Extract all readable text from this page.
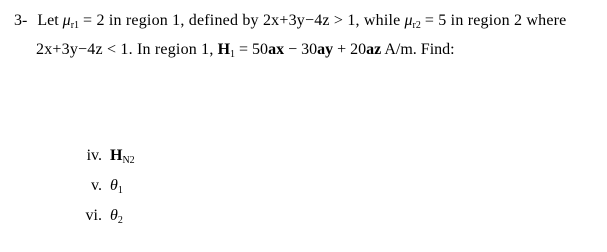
3- Let $\mu_{r1} = 2$ in region 1, defined by 2x+3y−4z > 1, while $\mu_{r2} = 5$ in region 2 where
2x+3y−4z < 1. In region 1, $H_1 = 50ax - 30ay + 20az$ A/m. Find:
iv. $H_{N2}$
v. $\theta_1$
vi. $\theta_2$
